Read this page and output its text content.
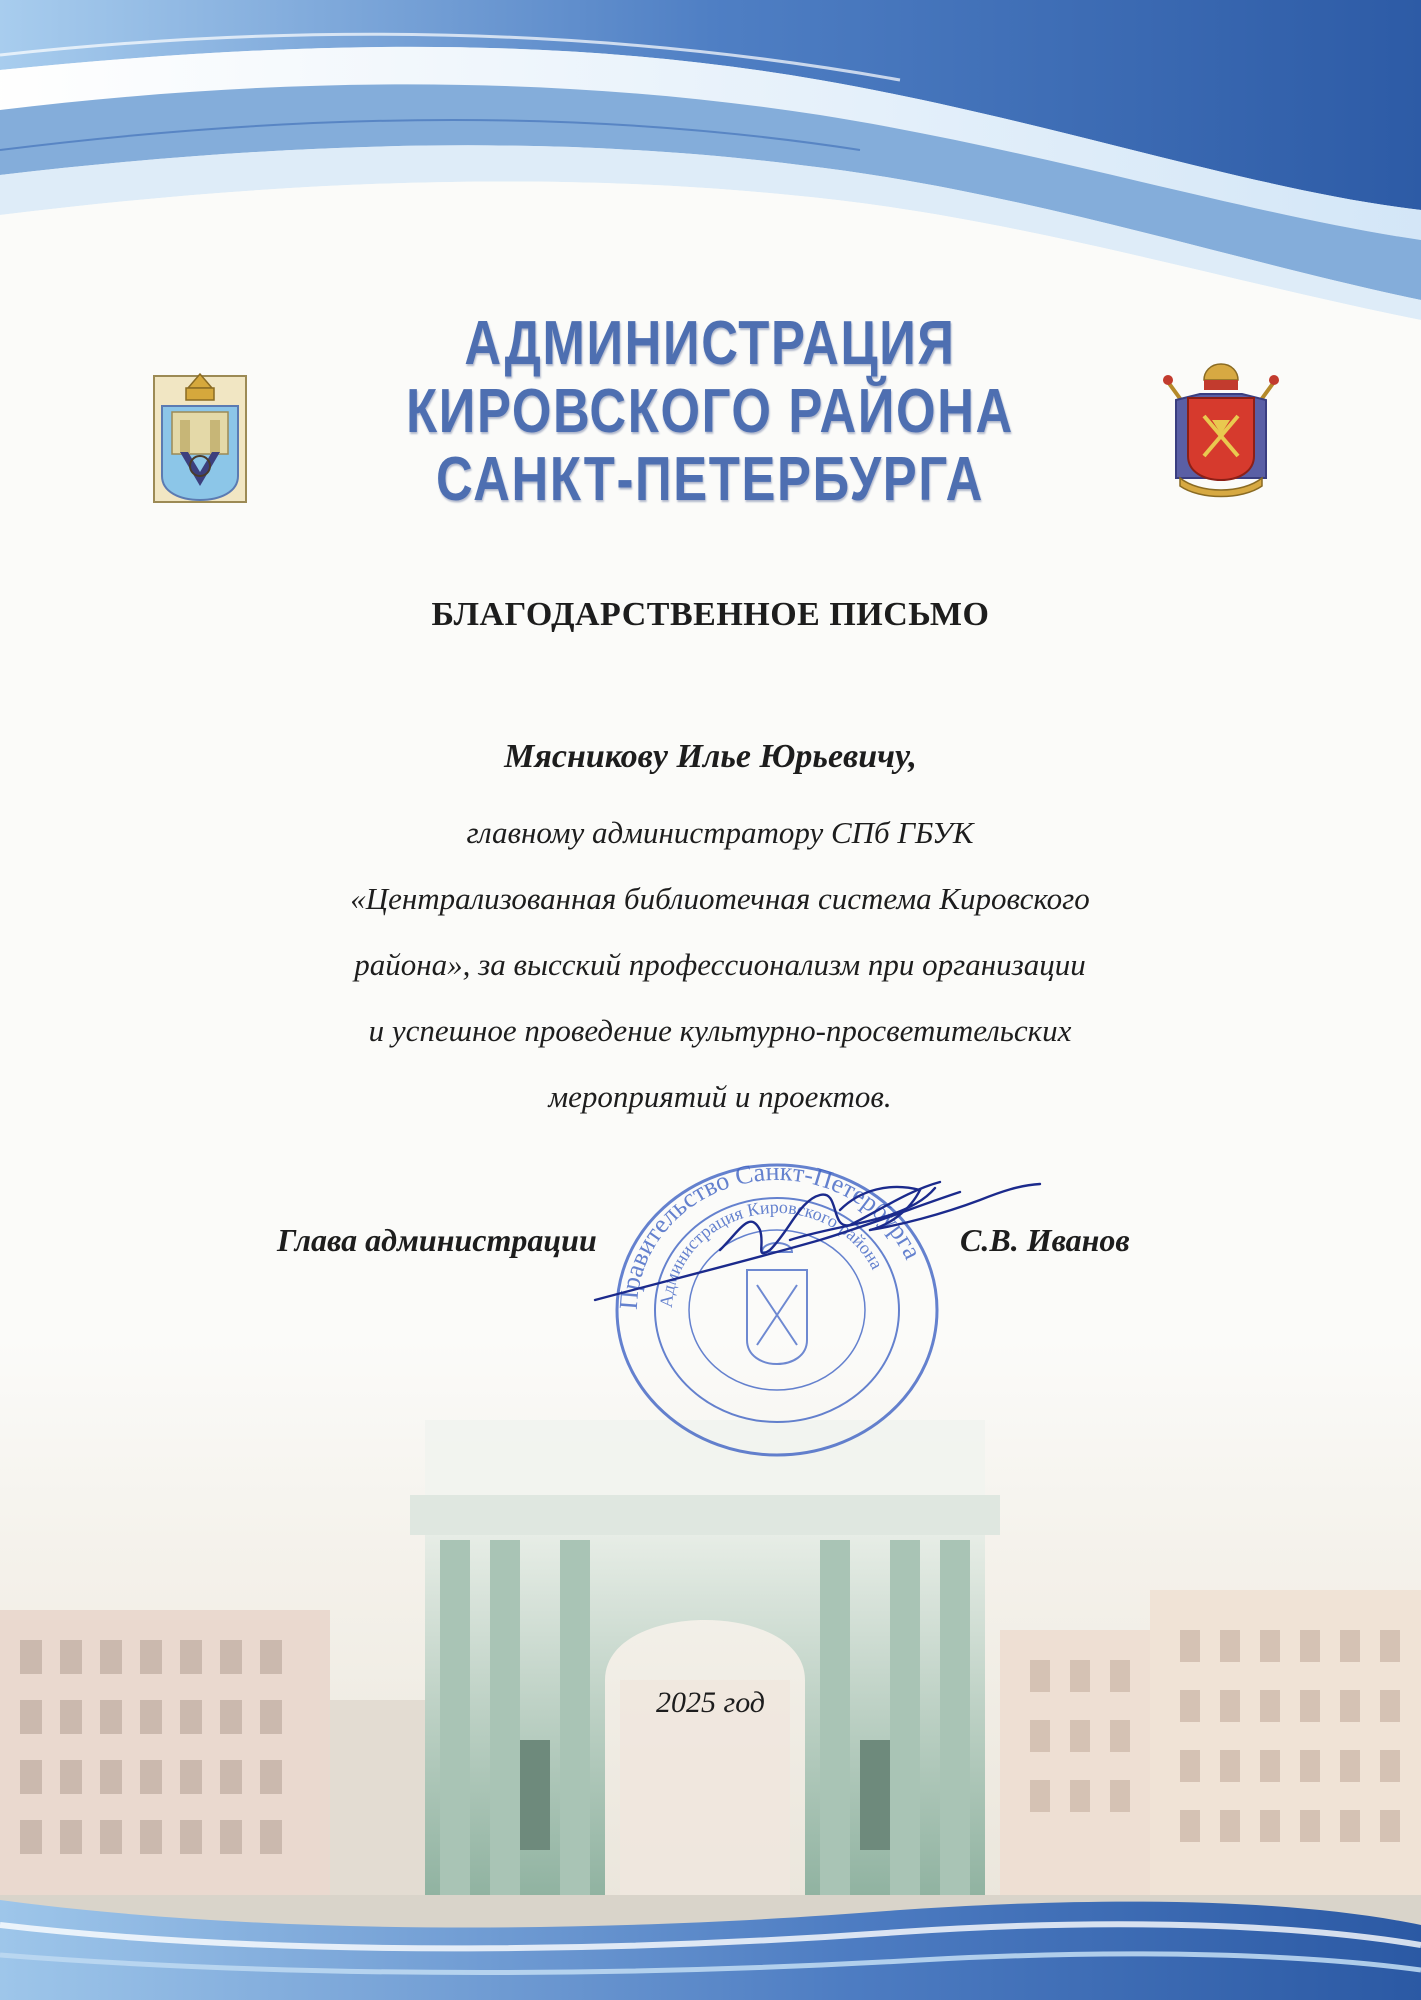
АДМИНИСТРАЦИЯ
КИРОВСКОГО РАЙОНА
САНКТ-ПЕТЕРБУРГА
БЛАГОДАРСТВЕННОЕ ПИСЬМО
Мясникову Илье Юрьевичу,
главному администратору СПб ГБУК
«Централизованная библиотечная система Кировского
района», за высский профессионализм при организации
и успешное проведение культурно-просветительских
мероприятий и проектов.
Правительство Санкт-Петербурга
Администрация Кировского района
Глава администрации	С.В. Иванов
2025 год
